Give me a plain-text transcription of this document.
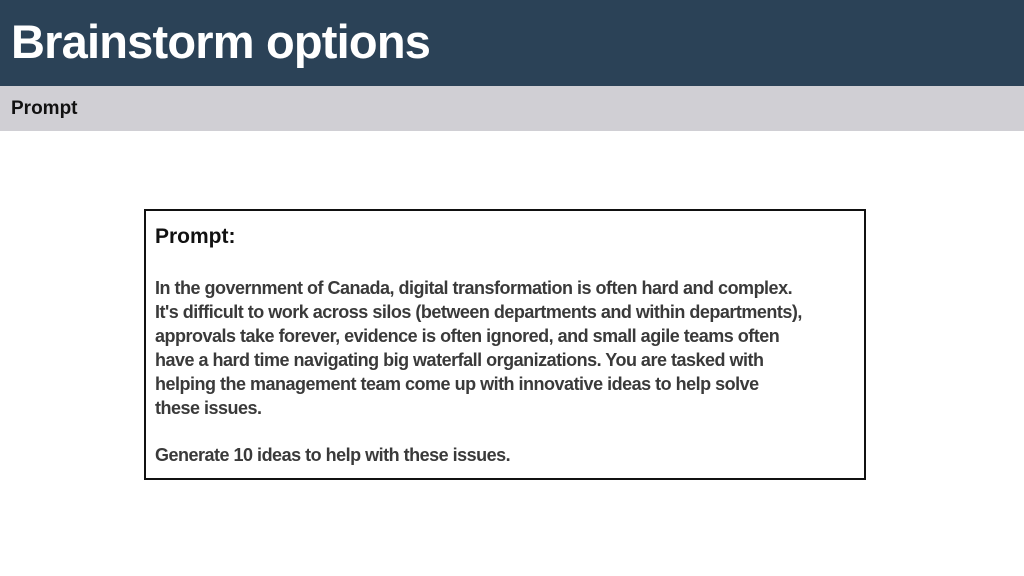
Brainstorm options
Prompt
Prompt:

In the government of Canada, digital transformation is often hard and complex.

It's difficult to work across silos (between departments and within departments),

approvals take forever, evidence is often ignored, and small agile teams often

have a hard time navigating big waterfall organizations. You are tasked with

helping the management team come up with innovative ideas to help solve

these issues.

Generate 10 ideas to help with these issues.
